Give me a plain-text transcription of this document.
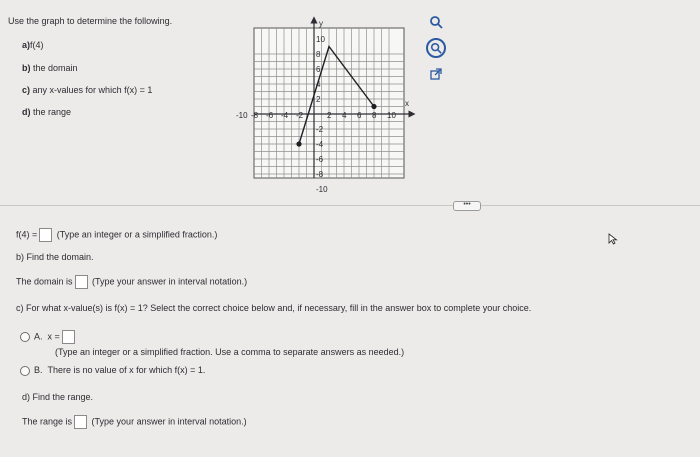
Use the graph to determine the following.
a)f(4)
b) the domain
c) any x-values for which f(x) = 1
d) the range
x
y
10
8
6
4
2
-2
-4
-6
-8
-10
-10 -8 -6 -4 -2	2 4 6 8 10
•••
f(4) = (Type an integer or a simplified fraction.)
b) Find the domain.
The domain is (Type your answer in interval notation.)
c) For what x-value(s) is f(x) = 1? Select the correct choice below and, if necessary, fill in the answer box to complete your choice.
A. x =
(Type an integer or a simplified fraction. Use a comma to separate answers as needed.)
B. There is no value of x for which f(x) = 1.
d) Find the range.
The range is (Type your answer in interval notation.)
